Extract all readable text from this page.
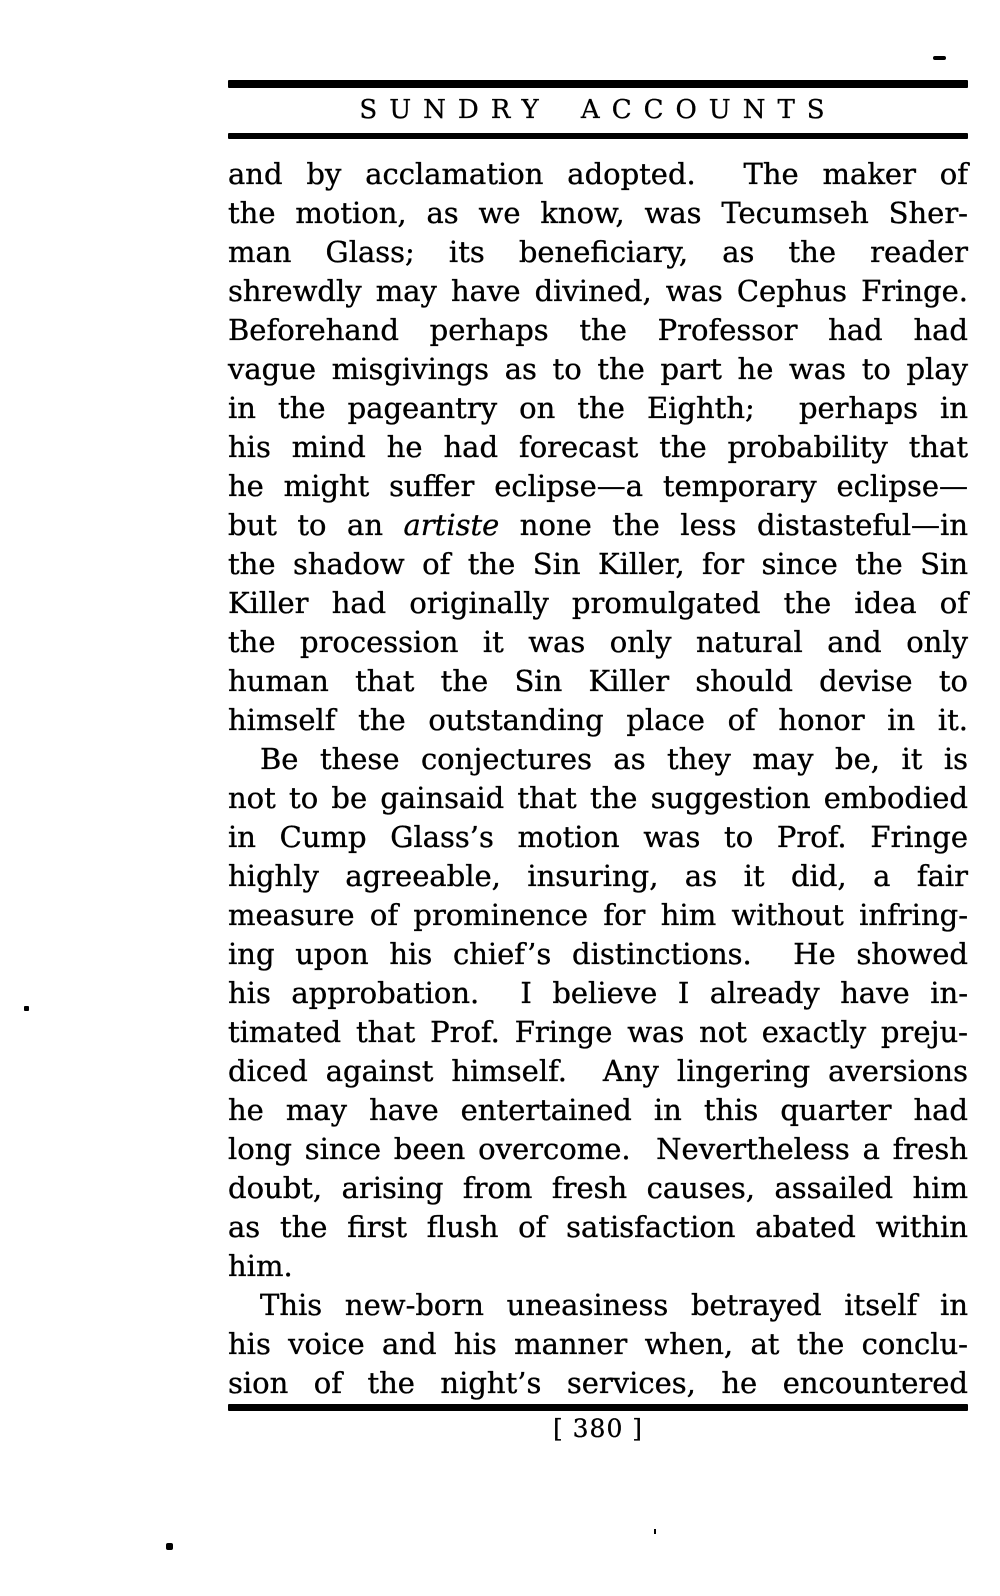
SUNDRY ACCOUNTS
and by acclamation adopted.  The maker of
the motion, as we know, was Tecumseh Sher-
man Glass; its beneficiary, as the reader
shrewdly may have divined, was Cephus Fringe.
Beforehand perhaps the Professor had had
vague misgivings as to the part he was to play
in the pageantry on the Eighth;  perhaps in
his mind he had forecast the probability that
he might suffer eclipse—a temporary eclipse—
but to an artiste none the less distasteful—in
the shadow of the Sin Killer, for since the Sin
Killer had originally promulgated the idea of
the procession it was only natural and only
human that the Sin Killer should devise to
himself the outstanding place of honor in it.
Be these conjectures as they may be, it is
not to be gainsaid that the suggestion embodied
in Cump Glass’s motion was to Prof. Fringe
highly agreeable, insuring, as it did, a fair
measure of prominence for him without infring-
ing upon his chief’s distinctions.  He showed
his approbation.  I believe I already have in-
timated that Prof. Fringe was not exactly preju-
diced against himself.  Any lingering aversions
he may have entertained in this quarter had
long since been overcome.  Nevertheless a fresh
doubt, arising from fresh causes, assailed him
as the first flush of satisfaction abated within
him.
This new-born uneasiness betrayed itself in
his voice and his manner when, at the conclu-
sion of the night’s services, he encountered
[ 380 ]
